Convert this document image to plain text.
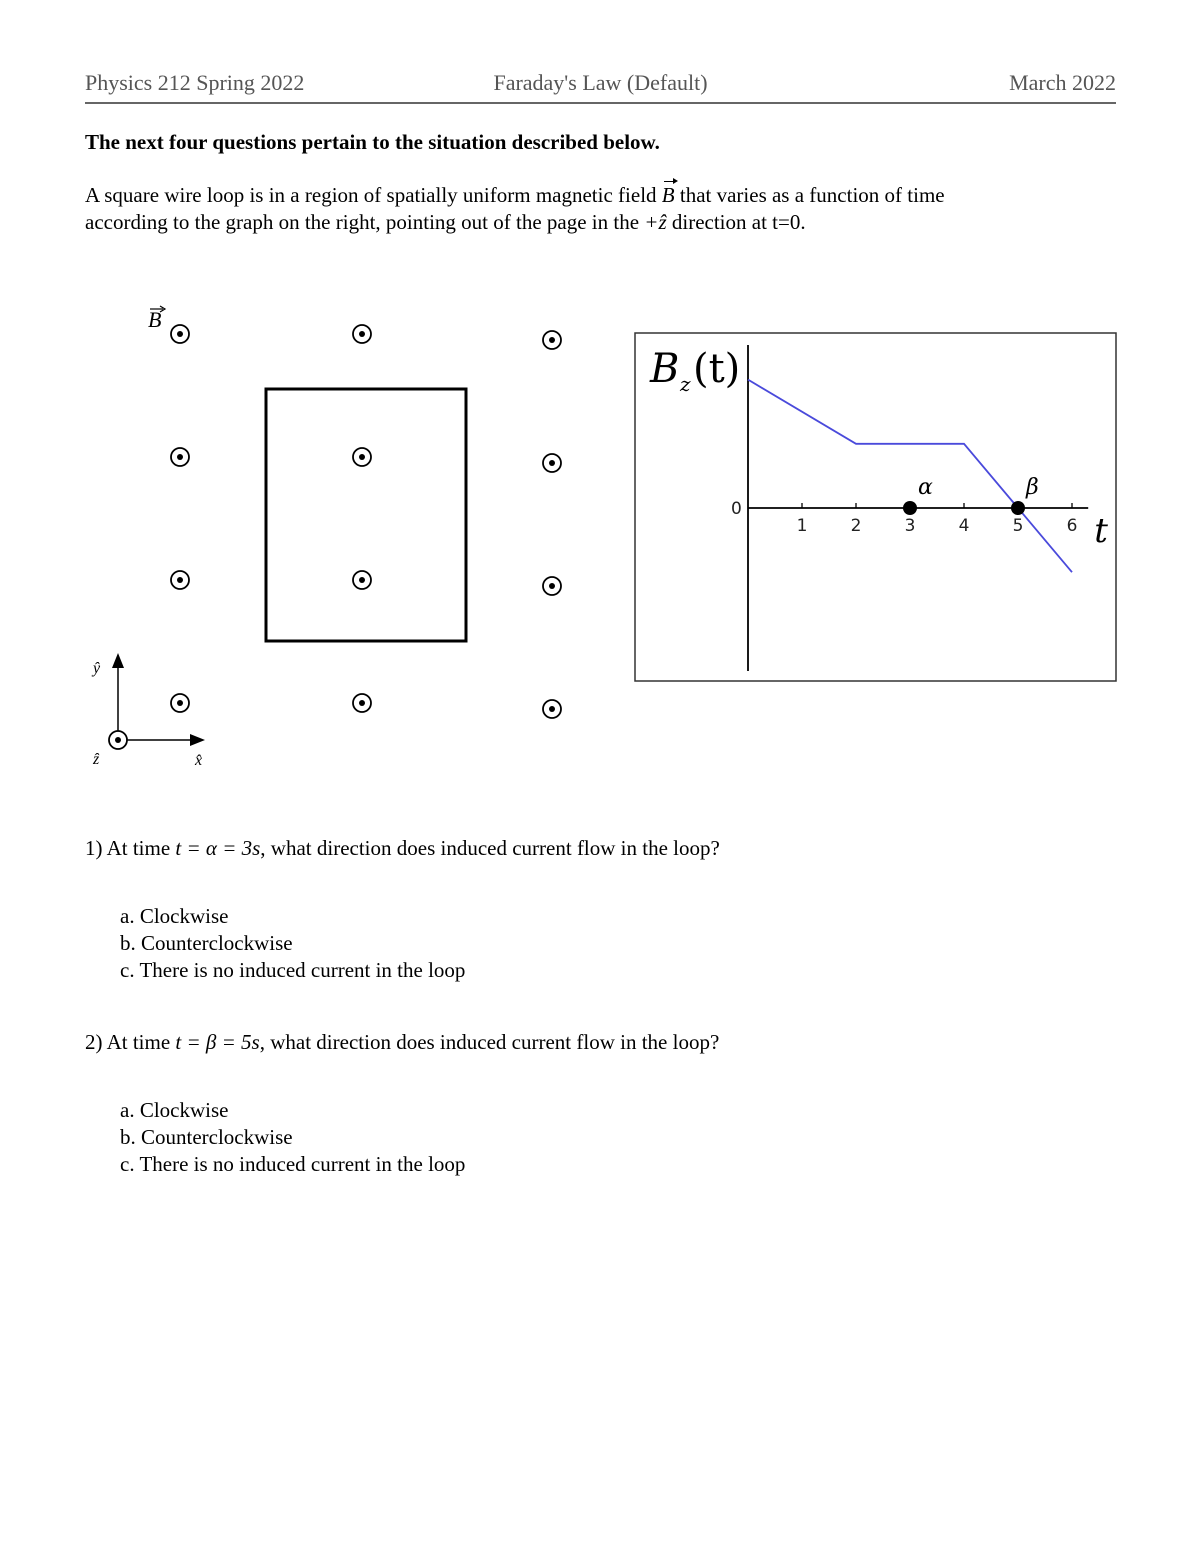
Physics 212 Spring 2022	Faraday's Law (Default)	March 2022
The next four questions pertain to the situation described below.
A square wire loop is in a region of spatially uniform magnetic field B that varies as a function of time
according to the graph on the right, pointing out of the page in the +ẑ direction at t=0.
B
ŷ
ẑ	x̂
B z (t)
0
t
1	2	3	4	5	6
α	β
1) At time t = α = 3s, what direction does induced current flow in the loop?
a. Clockwise
b. Counterclockwise
c. There is no induced current in the loop
2) At time t = β = 5s, what direction does induced current flow in the loop?
a. Clockwise
b. Counterclockwise
c. There is no induced current in the loop
